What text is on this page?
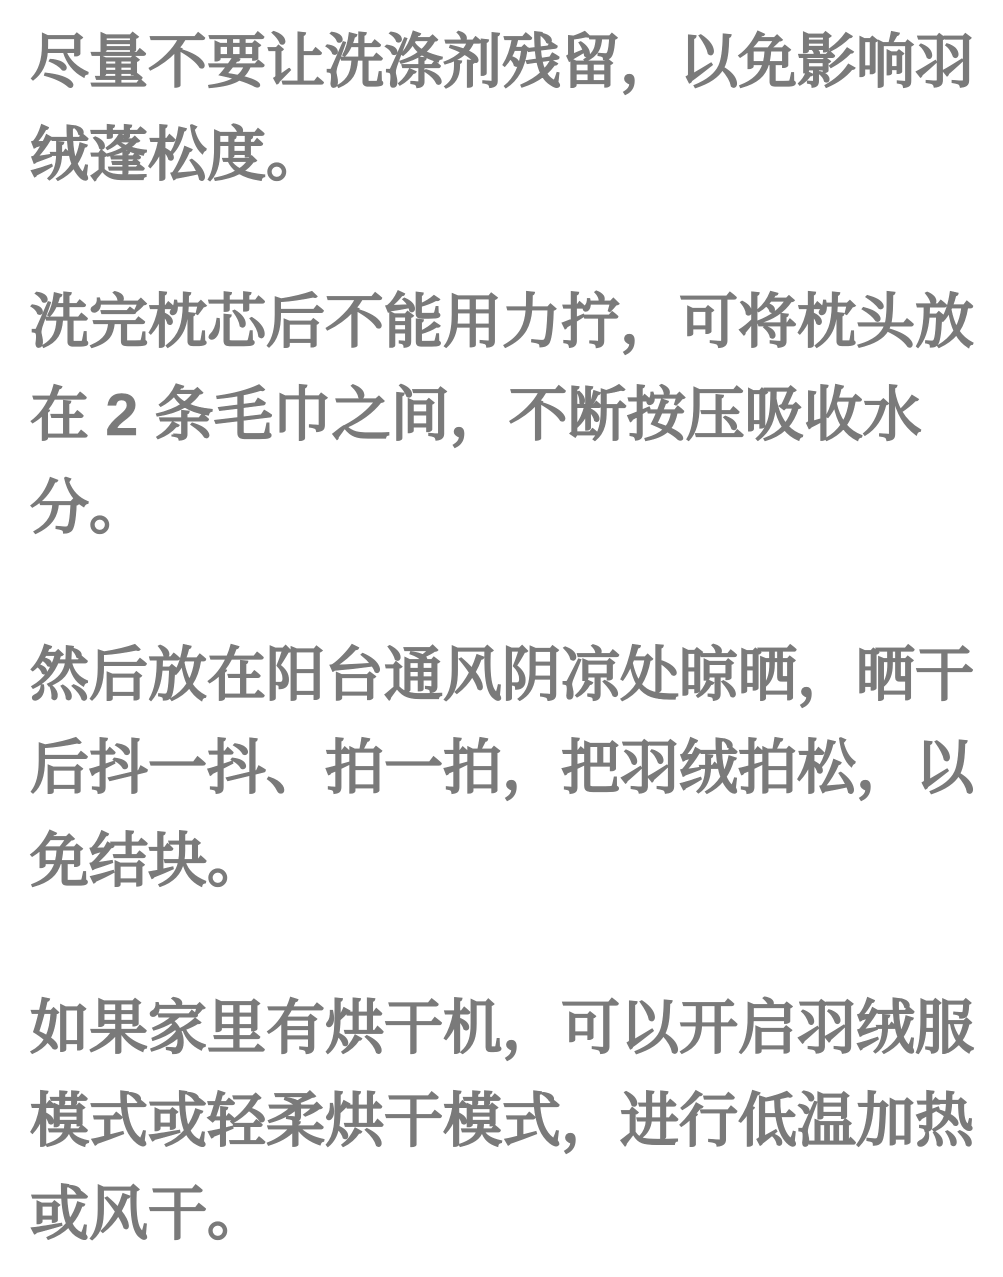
尽量不要让洗涤剂残留，以免影响羽
绒蓬松度。
洗完枕芯后不能用力拧，可将枕头放
在 2 条毛巾之间，不断按压吸收水
分。
然后放在阳台通风阴凉处晾晒，晒干
后抖一抖、拍一拍，把羽绒拍松，以
免结块。
如果家里有烘干机，可以开启羽绒服
模式或轻柔烘干模式，进行低温加热
或风干。
